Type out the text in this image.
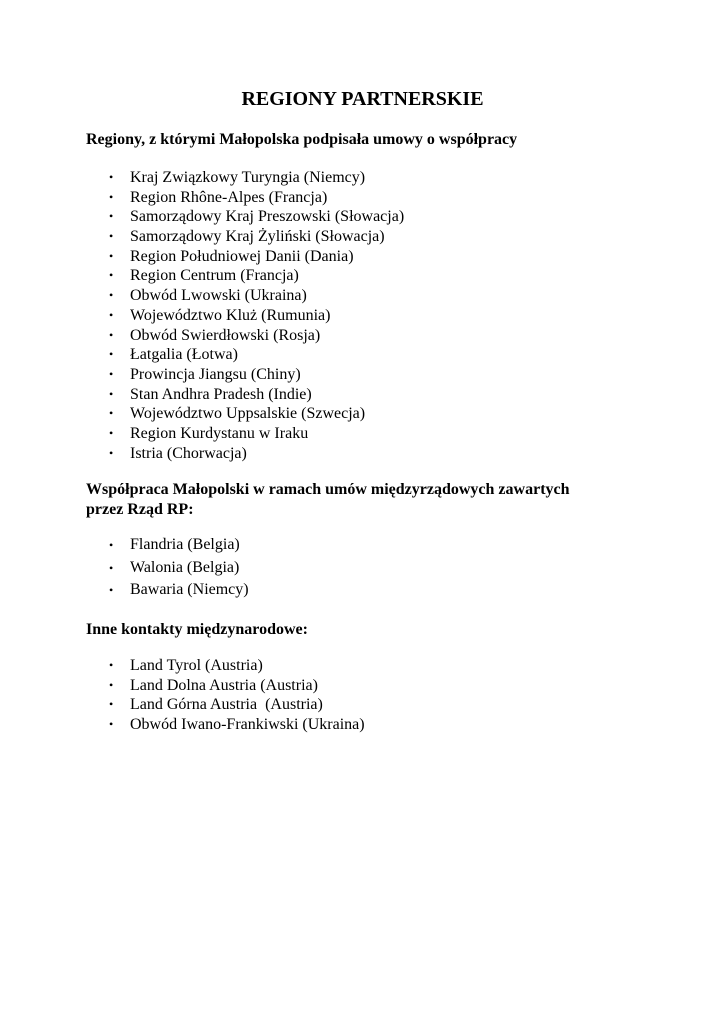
REGIONY PARTNERSKIE
Regiony, z którymi Małopolska podpisała umowy o współpracy
• Kraj Związkowy Turyngia (Niemcy)
• Region Rhône-Alpes (Francja)
• Samorządowy Kraj Preszowski (Słowacja)
• Samorządowy Kraj Żyliński (Słowacja)
• Region Południowej Danii (Dania)
• Region Centrum (Francja)
• Obwód Lwowski (Ukraina)
• Województwo Kluż (Rumunia)
• Obwód Swierdłowski (Rosja)
• Łatgalia (Łotwa)
• Prowincja Jiangsu (Chiny)
• Stan Andhra Pradesh (Indie)
• Województwo Uppsalskie (Szwecja)
• Region Kurdystanu w Iraku
• Istria (Chorwacja)
Współpraca Małopolski w ramach umów międzyrządowych zawartych
przez Rząd RP:
• Flandria (Belgia)
• Walonia (Belgia)
• Bawaria (Niemcy)
Inne kontakty międzynarodowe:
• Land Tyrol (Austria)
• Land Dolna Austria (Austria)
• Land Górna Austria  (Austria)
• Obwód Iwano-Frankiwski (Ukraina)
